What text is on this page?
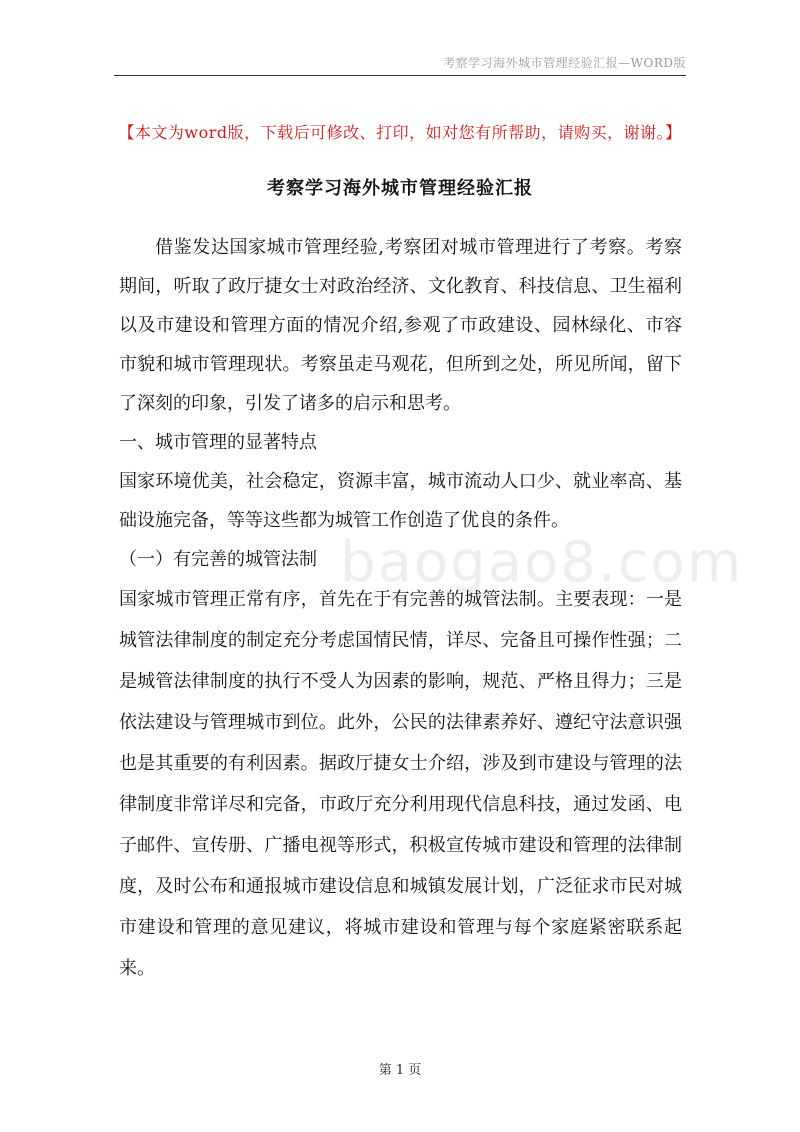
考察学习海外城市管理经验汇报—WORD版
【本文为word版，下载后可修改、打印，如对您有所帮助，请购买，谢谢。】
考察学习海外城市管理经验汇报
baogao8.com

借鉴发达国家城市管理经验,考察团对城市管理进行了考察。考察期间，听取了政厅捷女士对政治经济、文化教育、科技信息、卫生福利以及市建设和管理方面的情况介绍,参观了市政建设、园林绿化、市容市貌和城市管理现状。考察虽走马观花，但所到之处，所见所闻，留下了深刻的印象，引发了诸多的启示和思考。

一、城市管理的显著特点

国家环境优美，社会稳定，资源丰富，城市流动人口少、就业率高、基础设施完备，等等这些都为城管工作创造了优良的条件。

（一）有完善的城管法制

国家城市管理正常有序，首先在于有完善的城管法制。主要表现：一是城管法律制度的制定充分考虑国情民情，详尽、完备且可操作性强；二是城管法律制度的执行不受人为因素的影响，规范、严格且得力；三是依法建设与管理城市到位。此外，公民的法律素养好、遵纪守法意识强也是其重要的有利因素。据政厅捷女士介绍，涉及到市建设与管理的法律制度非常详尽和完备，市政厅充分利用现代信息科技，通过发函、电子邮件、宣传册、广播电视等形式，积极宣传城市建设和管理的法律制度，及时公布和通报城市建设信息和城镇发展计划，广泛征求市民对城市建设和管理的意见建议，将城市建设和管理与每个家庭紧密联系起来。

第 1 页
